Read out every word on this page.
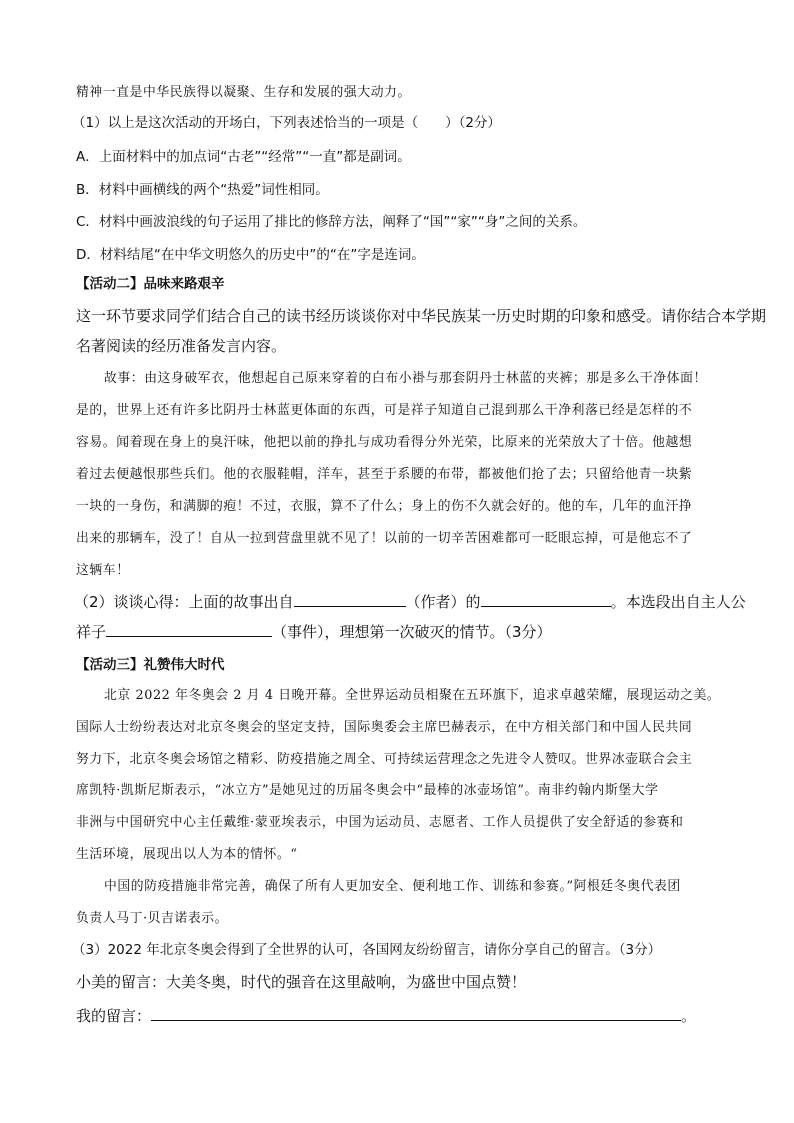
精神一直是中华民族得以凝聚、生存和发展的强大动力。
（1）以上是这次活动的开场白，下列表述恰当的一项是（　　）（2分）
A．上面材料中的加点词“古老”“经常”“一直”都是副词。
B．材料中画横线的两个“热爱”词性相同。
C．材料中画波浪线的句子运用了排比的修辞方法，阐释了“国”“家”“身”之间的关系。
D．材料结尾“在中华文明悠久的历史中”的“在”字是连词。
【活动二】品味来路艰辛
这一环节要求同学们结合自己的读书经历谈谈你对中华民族某一历史时期的印象和感受。请你结合本学期
名著阅读的经历准备发言内容。
故事：由这身破军衣，他想起自己原来穿着的白布小褂与那套阴丹士林蓝的夹裤；那是多么干净体面！
是的，世界上还有许多比阴丹士林蓝更体面的东西，可是祥子知道自己混到那么干净利落已经是怎样的不
容易。闻着现在身上的臭汗味，他把以前的挣扎与成功看得分外光荣，比原来的光荣放大了十倍。他越想
着过去便越恨那些兵们。他的衣服鞋帽，洋车，甚至于系腰的布带，都被他们抢了去；只留给他青一块紫
一块的一身伤，和满脚的疱！不过，衣服，算不了什么；身上的伤不久就会好的。他的车，几年的血汗挣
出来的那辆车，没了！自从一拉到营盘里就不见了！以前的一切辛苦困难都可一眨眼忘掉，可是他忘不了
这辆车！
（2）谈谈心得：上面的故事出自	（作者）的	。本选段出自主人公
祥子	（事件），理想第一次破灭的情节。（3分）
【活动三】礼赞伟大时代
北京 2022 年冬奥会 2 月 4 日晚开幕。全世界运动员相聚在五环旗下，追求卓越荣耀，展现运动之美。
国际人士纷纷表达对北京冬奥会的坚定支持，国际奥委会主席巴赫表示，在中方相关部门和中国人民共同
努力下，北京冬奥会场馆之精彩、防疫措施之周全、可持续运营理念之先进令人赞叹。世界冰壶联合会主
席凯特·凯斯尼斯表示，“冰立方”是她见过的历届冬奥会中“最棒的冰壶场馆”。南非约翰内斯堡大学
非洲与中国研究中心主任戴维·蒙亚埃表示，中国为运动员、志愿者、工作人员提供了安全舒适的参赛和
生活环境，展现出以人为本的情怀。“
中国的防疫措施非常完善，确保了所有人更加安全、便利地工作、训练和参赛。”阿根廷冬奥代表团
负责人马丁·贝吉诺表示。
（3）2022 年北京冬奥会得到了全世界的认可，各国网友纷纷留言，请你分享自己的留言。（3分）
小美的留言：大美冬奥，时代的强音在这里敲响，为盛世中国点赞！
我的留言：	。
